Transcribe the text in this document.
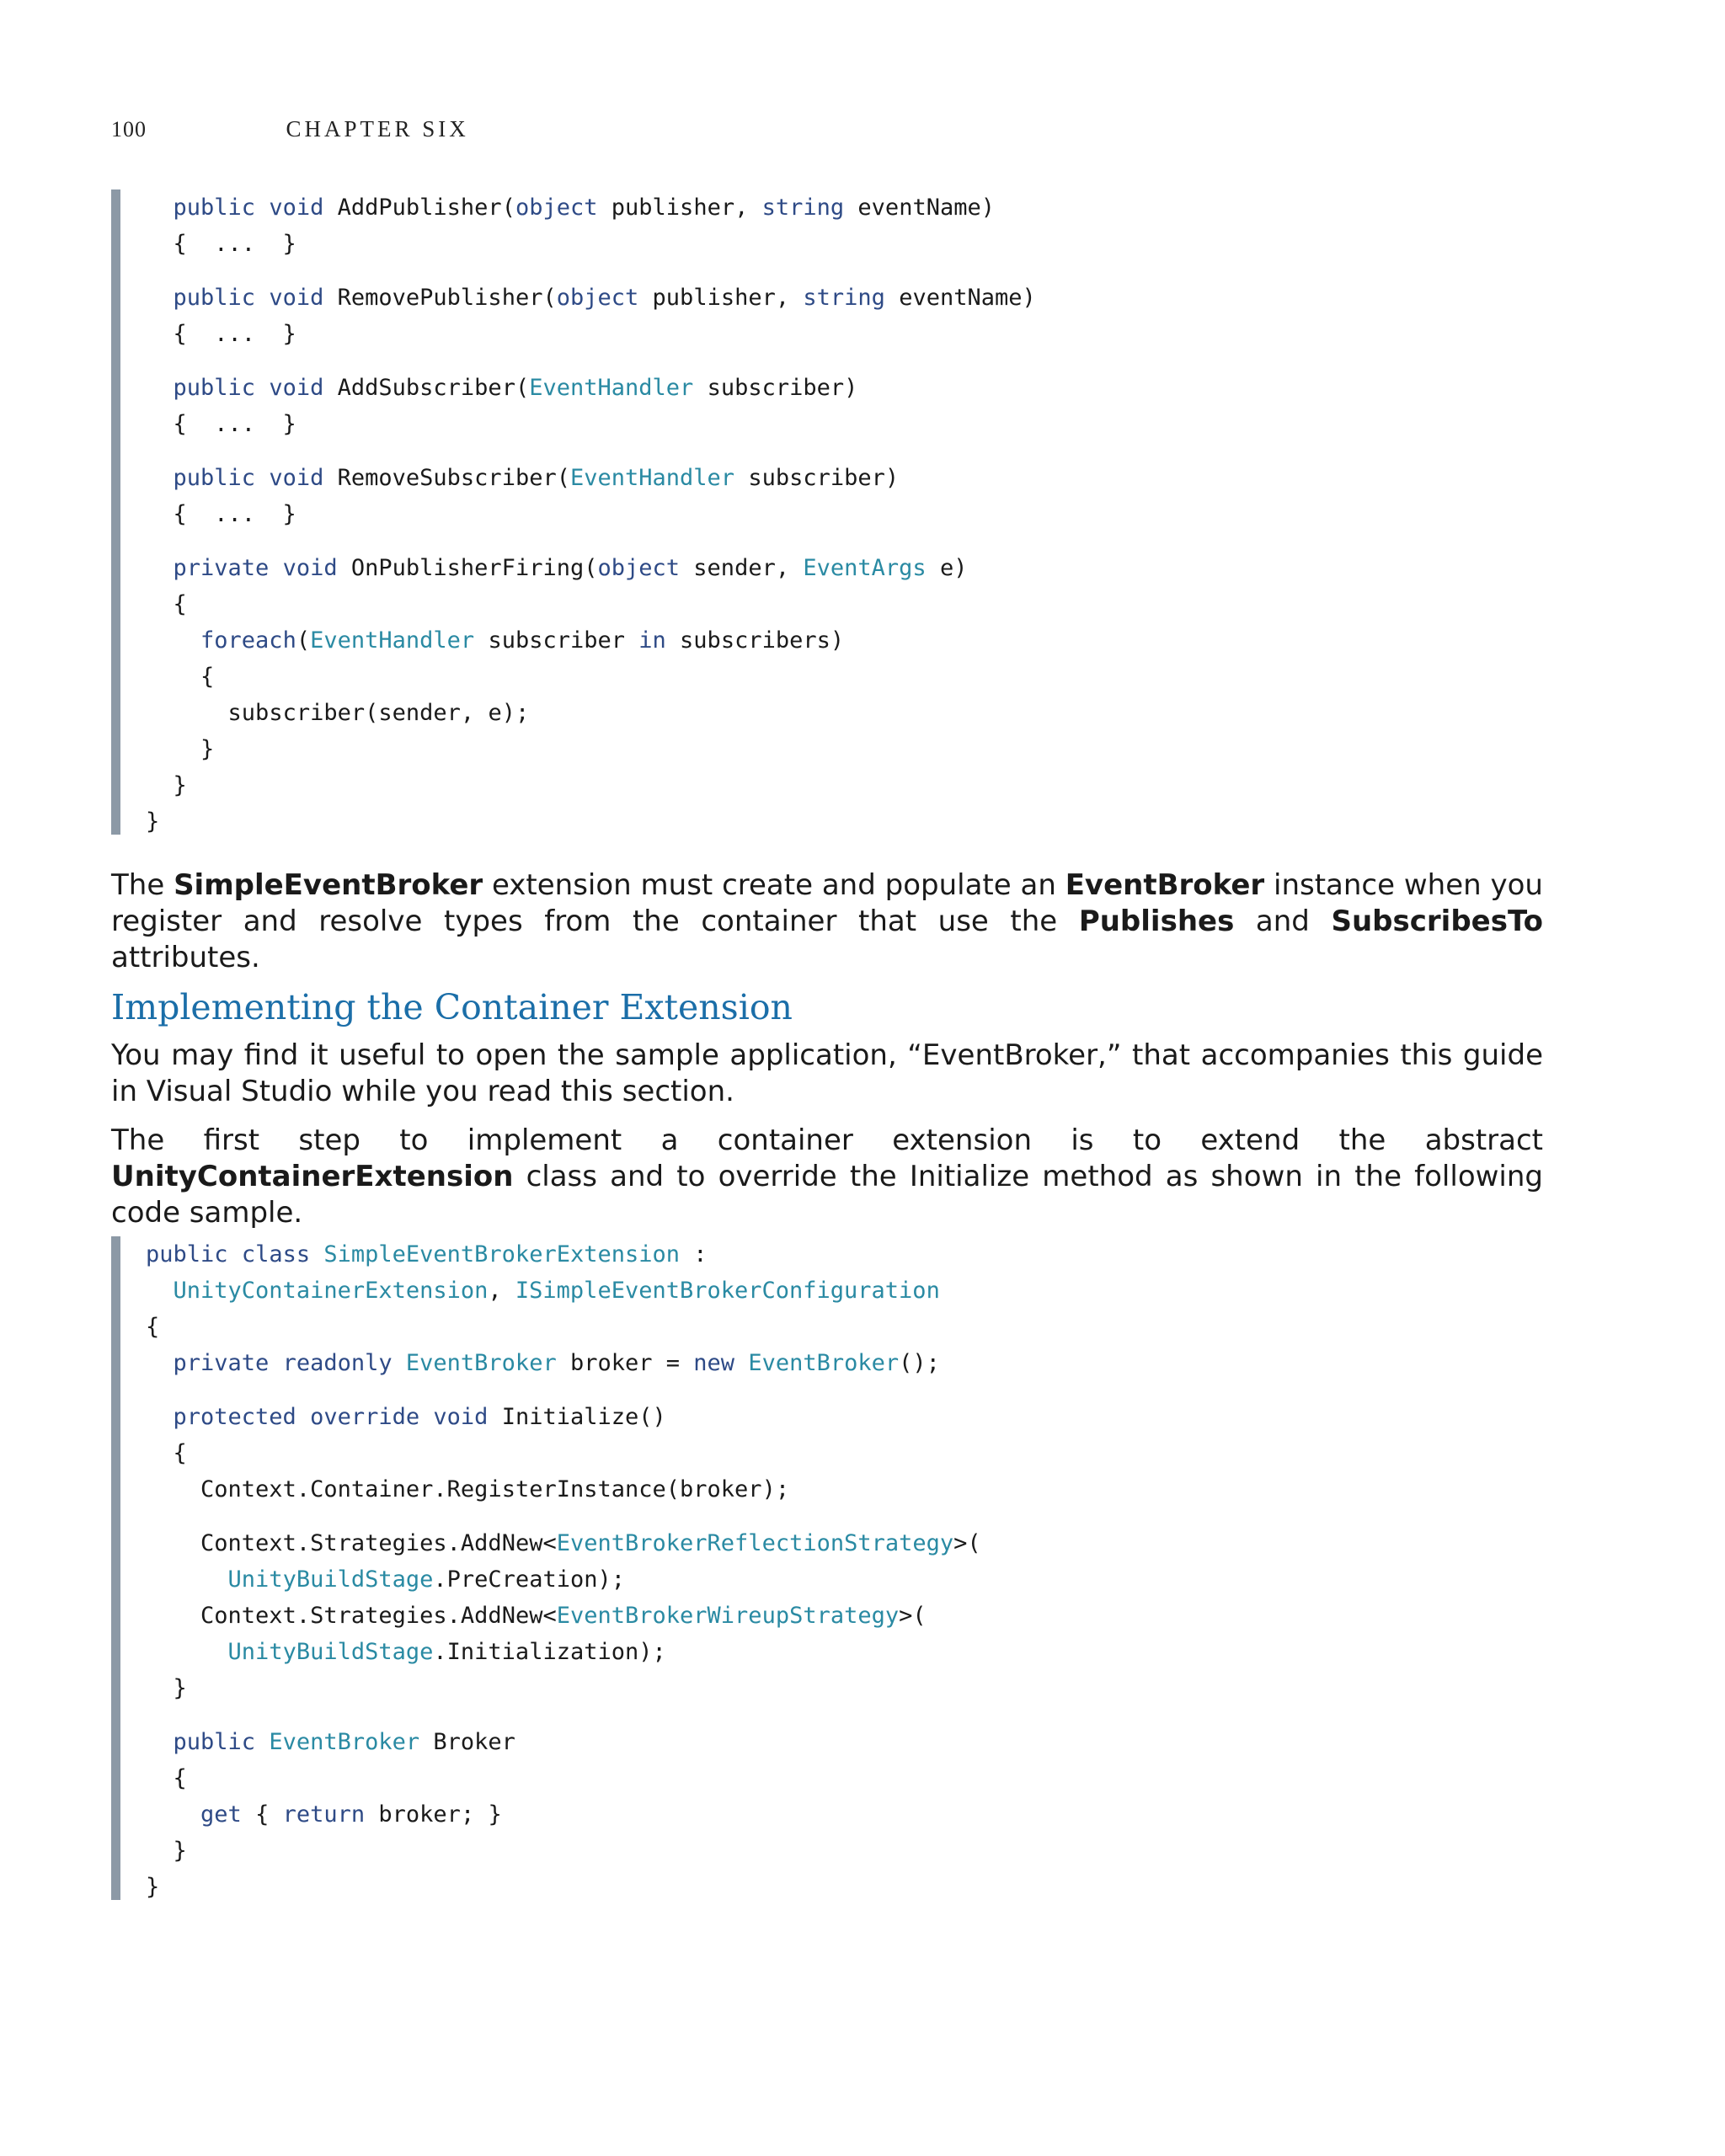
100	CHAPTER SIX
public void AddPublisher(object publisher, string eventName)
{  ...  }
public void RemovePublisher(object publisher, string eventName)
{  ...  }
public void AddSubscriber(EventHandler subscriber)
{  ...  }
public void RemoveSubscriber(EventHandler subscriber)
{  ...  }
private void OnPublisherFiring(object sender, EventArgs e)
{
foreach(EventHandler subscriber in subscribers)
{
subscriber(sender, e);
}
}
}
The SimpleEventBroker extension must create and populate an EventBroker instance when you register and resolve types from the container that use the Publishes and SubscribesTo attributes.
Implementing the Container Extension
You may find it useful to open the sample application, “EventBroker,” that accompanies this guide in Visual Studio while you read this section.
The first step to implement a container extension is to extend the abstract UnityContainerExtension class and to override the Initialize method as shown in the following code sample.
public class SimpleEventBrokerExtension :
UnityContainerExtension, ISimpleEventBrokerConfiguration
{
private readonly EventBroker broker = new EventBroker();
protected override void Initialize()
{
Context.Container.RegisterInstance(broker);
Context.Strategies.AddNew<EventBrokerReflectionStrategy>(
UnityBuildStage.PreCreation);
Context.Strategies.AddNew<EventBrokerWireupStrategy>(
UnityBuildStage.Initialization);
}
public EventBroker Broker
{
get { return broker; }
}
}
